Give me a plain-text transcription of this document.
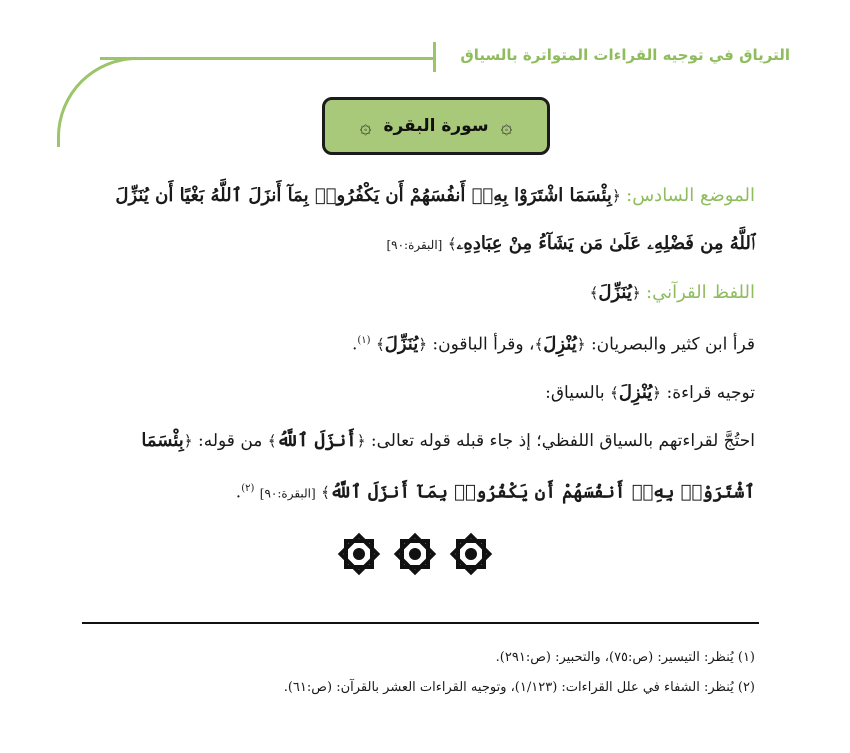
الترياق في توجيه القراءات المتواترة بالسياق
۞
سورة البقرة
۞
الموضع السادس: ﴿بِئْسَمَا اشْتَرَوْا بِهِۦٓ أَنفُسَهُمْ أَن يَكْفُرُوا۟ بِمَآ أَنزَلَ ٱللَّهُ بَغْيًا أَن يُنَزِّلَ
ٱللَّهُ مِن فَضْلِهِۦ عَلَىٰ مَن يَشَآءُ مِنْ عِبَادِهِۦ﴾ [البقرة:٩٠]
اللفظ القرآني: ﴿يُنَزِّلَ﴾
قرأ ابن كثير والبصريان: ﴿يُنْزِلَ﴾، وقرأ الباقون: ﴿يُنَزِّلَ﴾ $^{(١)}$.
توجيه قراءة: ﴿يُنْزِلَ﴾ بالسياق:
احتُجَّ لقراءتهم بالسياق اللفظي؛ إذ جاء قبله قوله تعالى: ﴿أَنزَلَ ٱللَّهُ﴾ من قوله: ﴿بِئْسَمَا
ٱشْتَرَوْا۟ بِهِۦٓ أَنفُسَهُمْ أَن يَكْفُرُوا۟ بِمَآ أَنزَلَ ٱللَّهُ﴾ [البقرة:٩٠] $^{(٢)}$.
(١) يُنظر: التيسير: (ص:٧٥)، والتحبير: (ص:٢٩١).
(٢) يُنظر: الشفاء في علل القراءات: (١/١٢٣)، وتوجيه القراءات العشر بالقرآن: (ص:٦١).
